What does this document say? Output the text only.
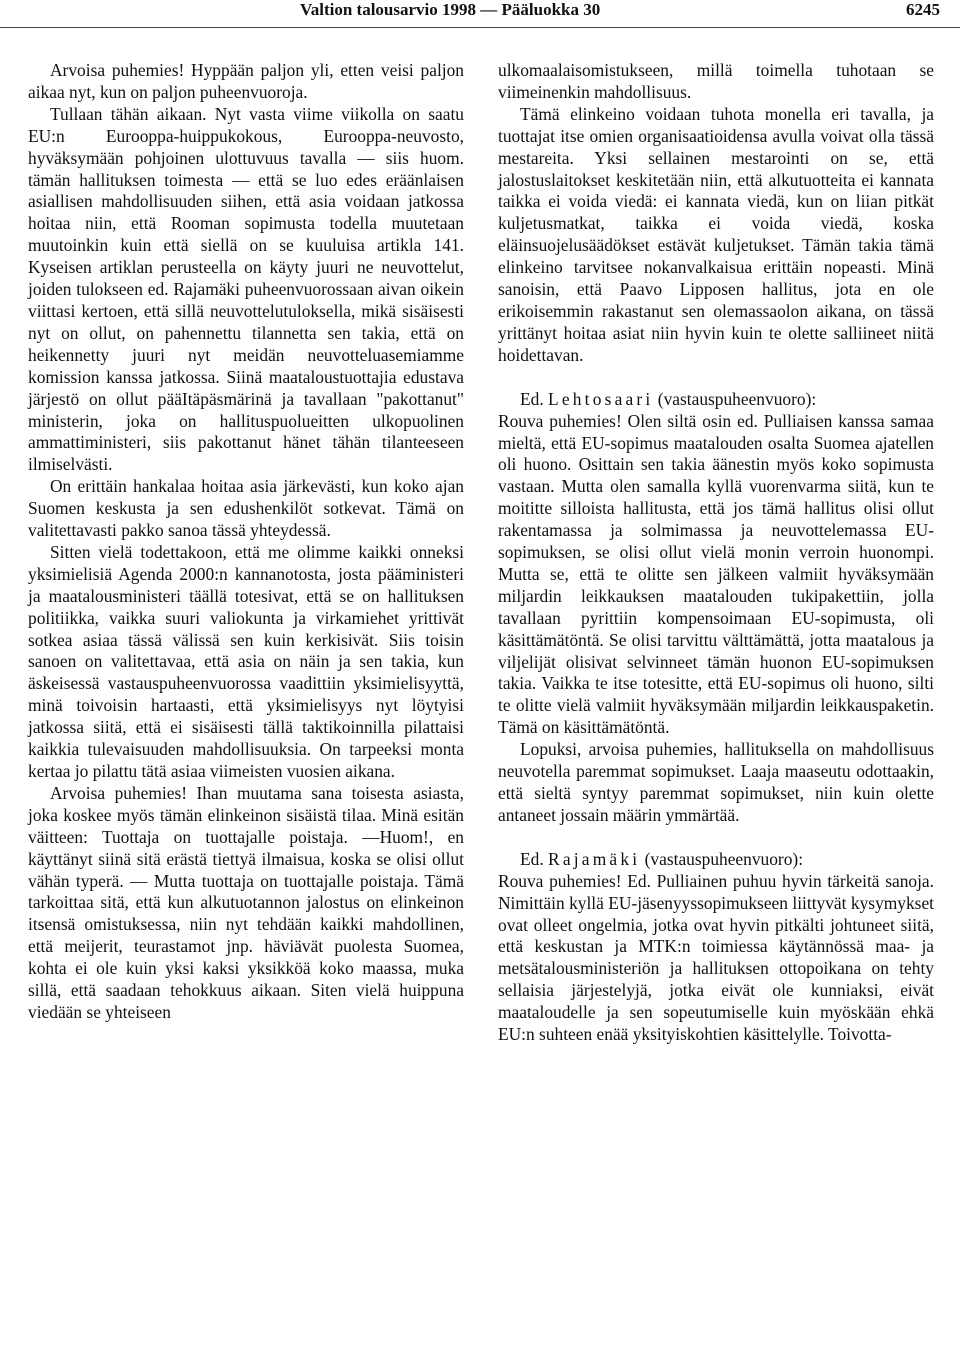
Valtion talousarvio 1998 — Pääluokka 30	6245

Arvoisa puhemies! Hyppään paljon yli, etten veisi paljon aikaa nyt, kun on paljon puheenvuoroja.

Tullaan tähän aikaan. Nyt vasta viime viikolla on saatu EU:n Eurooppa-huippukokous, Eurooppa-neuvosto, hyväksymään pohjoinen ulottuvuus tavalla — siis huom. tämän hallituksen toimesta — että se luo edes eräänlaisen asiallisen mahdollisuuden siihen, että asia voidaan jatkossa hoitaa niin, että Rooman sopimusta todella muutetaan muutoinkin kuin että siellä on se kuuluisa artikla 141. Kyseisen artiklan perusteella on käyty juuri ne neuvottelut, joiden tulokseen ed. Rajamäki puheenvuorossaan aivan oikein viittasi kertoen, että sillä neuvottelutuloksella, mikä sisäisesti nyt on ollut, on pahennettu tilannetta sen takia, että on heikennetty juuri nyt meidän neuvotteluasemiamme komission kanssa jatkossa. Siinä maataloustuottajia edustava järjestö on ollut pääItäpäsmärinä ja tavallaan "pakottanut" ministerin, joka on hallituspuolueitten ulkopuolinen ammattiministeri, siis pakottanut hänet tähän tilanteeseen ilmiselvästi.

On erittäin hankalaa hoitaa asia järkevästi, kun koko ajan Suomen keskusta ja sen edushenkilöt sotkevat. Tämä on valitettavasti pakko sanoa tässä yhteydessä.

Sitten vielä todettakoon, että me olimme kaikki onneksi yksimielisiä Agenda 2000:n kannanotosta, josta pääministeri ja maatalousministeri täällä totesivat, että se on hallituksen politiikka, vaikka suuri valiokunta ja virkamiehet yrittivät sotkea asiaa tässä välissä sen kuin kerkisivät. Siis toisin sanoen on valitettavaa, että asia on näin ja sen takia, kun äskeisessä vastauspuheenvuorossa vaadittiin yksimielisyyttä, minä toivoisin hartaasti, että yksimielisyys nyt löytyisi jatkossa siitä, että ei sisäisesti tällä taktikoinnilla pilattaisi kaikkia tulevaisuuden mahdollisuuksia. On tarpeeksi monta kertaa jo pilattu tätä asiaa viimeisten vuosien aikana.

Arvoisa puhemies! Ihan muutama sana toisesta asiasta, joka koskee myös tämän elinkeinon sisäistä tilaa. Minä esitän väitteen: Tuottaja on tuottajalle poistaja. —Huom!, en käyttänyt siinä sitä erästä tiettyä ilmaisua, koska se olisi ollut vähän typerä. — Mutta tuottaja on tuottajalle poistaja. Tämä tarkoittaa sitä, että kun alkutuotannon jalostus on elinkeinon itsensä omistuksessa, niin nyt tehdään kaikki mahdollinen, että meijerit, teurastamot jnp. häviävät puolesta Suomea, kohta ei ole kuin yksi kaksi yksikköä koko maassa, muka sillä, että saadaan tehokkuus aikaan. Siten vielä huippuna viedään se yhteiseen

ulkomaalaisomistukseen, millä toimella tuhotaan se viimeinenkin mahdollisuus.

Tämä elinkeino voidaan tuhota monella eri tavalla, ja tuottajat itse omien organisaatioidensa avulla voivat olla tässä mestareita. Yksi sellainen mestarointi on se, että jalostuslaitokset keskitetään niin, että alkutuotteita ei kannata taikka ei voida viedä: ei kannata viedä, kun on liian pitkät kuljetusmatkat, taikka ei voida viedä, koska eläinsuojelusäädökset estävät kuljetukset. Tämän takia tämä elinkeino tarvitsee nokanvalkaisua erittäin nopeasti. Minä sanoisin, että Paavo Lipposen hallitus, jota en ole erikoisemmin rakastanut sen olemassaolon aikana, on tässä yrittänyt hoitaa asiat niin hyvin kuin te olette salliineet niitä hoidettavan.

Ed. Lehtosaari (vastauspuheenvuoro):

Rouva puhemies! Olen siltä osin ed. Pulliaisen kanssa samaa mieltä, että EU-sopimus maatalouden osalta Suomea ajatellen oli huono. Osittain sen takia äänestin myös koko sopimusta vastaan. Mutta olen samalla kyllä vuorenvarma siitä, kun te moititte silloista hallitusta, että jos tämä hallitus olisi ollut rakentamassa ja solmimassa ja neuvottelemassa EU-sopimuksen, se olisi ollut vielä monin verroin huonompi. Mutta se, että te olitte sen jälkeen valmiit hyväksymään miljardin leikkauksen maatalouden tukipakettiin, jolla tavallaan pyrittiin kompensoimaan EU-sopimusta, oli käsittämätöntä. Se olisi tarvittu välttämättä, jotta maatalous ja viljelijät olisivat selvinneet tämän huonon EU-sopimuksen takia. Vaikka te itse totesitte, että EU-sopimus oli huono, silti te olitte vielä valmiit hyväksymään miljardin leikkauspaketin. Tämä on käsittämätöntä.

Lopuksi, arvoisa puhemies, hallituksella on mahdollisuus neuvotella paremmat sopimukset. Laaja maaseutu odottaakin, että sieltä syntyy paremmat sopimukset, niin kuin olette antaneet jossain määrin ymmärtää.

Ed. Rajamäki (vastauspuheenvuoro):

Rouva puhemies! Ed. Pulliainen puhuu hyvin tärkeitä sanoja. Nimittäin kyllä EU-jäsenyyssopimukseen liittyvät kysymykset ovat olleet ongelmia, jotka ovat hyvin pitkälti johtuneet siitä, että keskustan ja MTK:n toimiessa käytännössä maa- ja metsätalousministeriön ja hallituksen ottopoikana on tehty sellaisia järjestelyjä, jotka eivät ole kunniaksi, eivät maataloudelle ja sen sopeutumiselle kuin myöskään ehkä EU:n suhteen enää yksityiskohtien käsittelylle. Toivotta-
